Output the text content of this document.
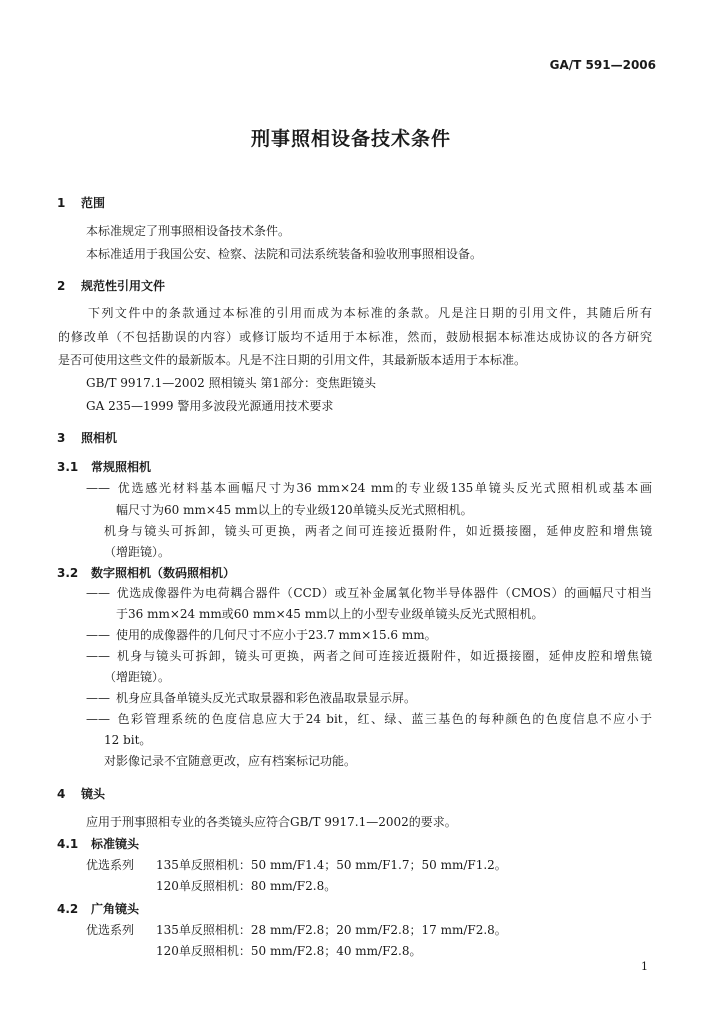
GA/T 591—2006
刑事照相设备技术条件
1 范围
本标准规定了刑事照相设备技术条件。
本标准适用于我国公安、检察、法院和司法系统装备和验收刑事照相设备。
2 规范性引用文件
下列文件中的条款通过本标准的引用而成为本标准的条款。凡是注日期的引用文件，其随后所有
的修改单（不包括勘误的内容）或修订版均不适用于本标准，然而，鼓励根据本标准达成协议的各方研究
是否可使用这些文件的最新版本。凡是不注日期的引用文件，其最新版本适用于本标准。
GB/T 9917.1—2002 照相镜头 第1部分：变焦距镜头
GA 235—1999 警用多波段光源通用技术要求
3 照相机
3.1 常规照相机
—— 优选感光材料基本画幅尺寸为36 mm×24 mm的专业级135单镜头反光式照相机或基本画
幅尺寸为60 mm×45 mm以上的专业级120单镜头反光式照相机。
机身与镜头可拆卸，镜头可更换，两者之间可连接近摄附件，如近摄接圈，延伸皮腔和增焦镜
（增距镜）。
3.2 数字照相机（数码照相机）
—— 优选成像器件为电荷耦合器件（CCD）或互补金属氧化物半导体器件（CMOS）的画幅尺寸相当
于36 mm×24 mm或60 mm×45 mm以上的小型专业级单镜头反光式照相机。
—— 使用的成像器件的几何尺寸不应小于23.7 mm×15.6 mm。
—— 机身与镜头可拆卸，镜头可更换，两者之间可连接近摄附件，如近摄接圈，延伸皮腔和增焦镜
（增距镜）。
—— 机身应具备单镜头反光式取景器和彩色液晶取景显示屏。
—— 色彩管理系统的色度信息应大于24 bit，红、绿、蓝三基色的每种颜色的色度信息不应小于
12 bit。
对影像记录不宜随意更改，应有档案标记功能。
4 镜头
应用于刑事照相专业的各类镜头应符合GB/T 9917.1—2002的要求。
4.1 标准镜头
优选系列 135单反照相机：50 mm/F1.4；50 mm/F1.7；50 mm/F1.2。
120单反照相机：80 mm/F2.8。
4.2 广角镜头
优选系列 135单反照相机：28 mm/F2.8；20 mm/F2.8；17 mm/F2.8。
120单反照相机：50 mm/F2.8；40 mm/F2.8。
1
